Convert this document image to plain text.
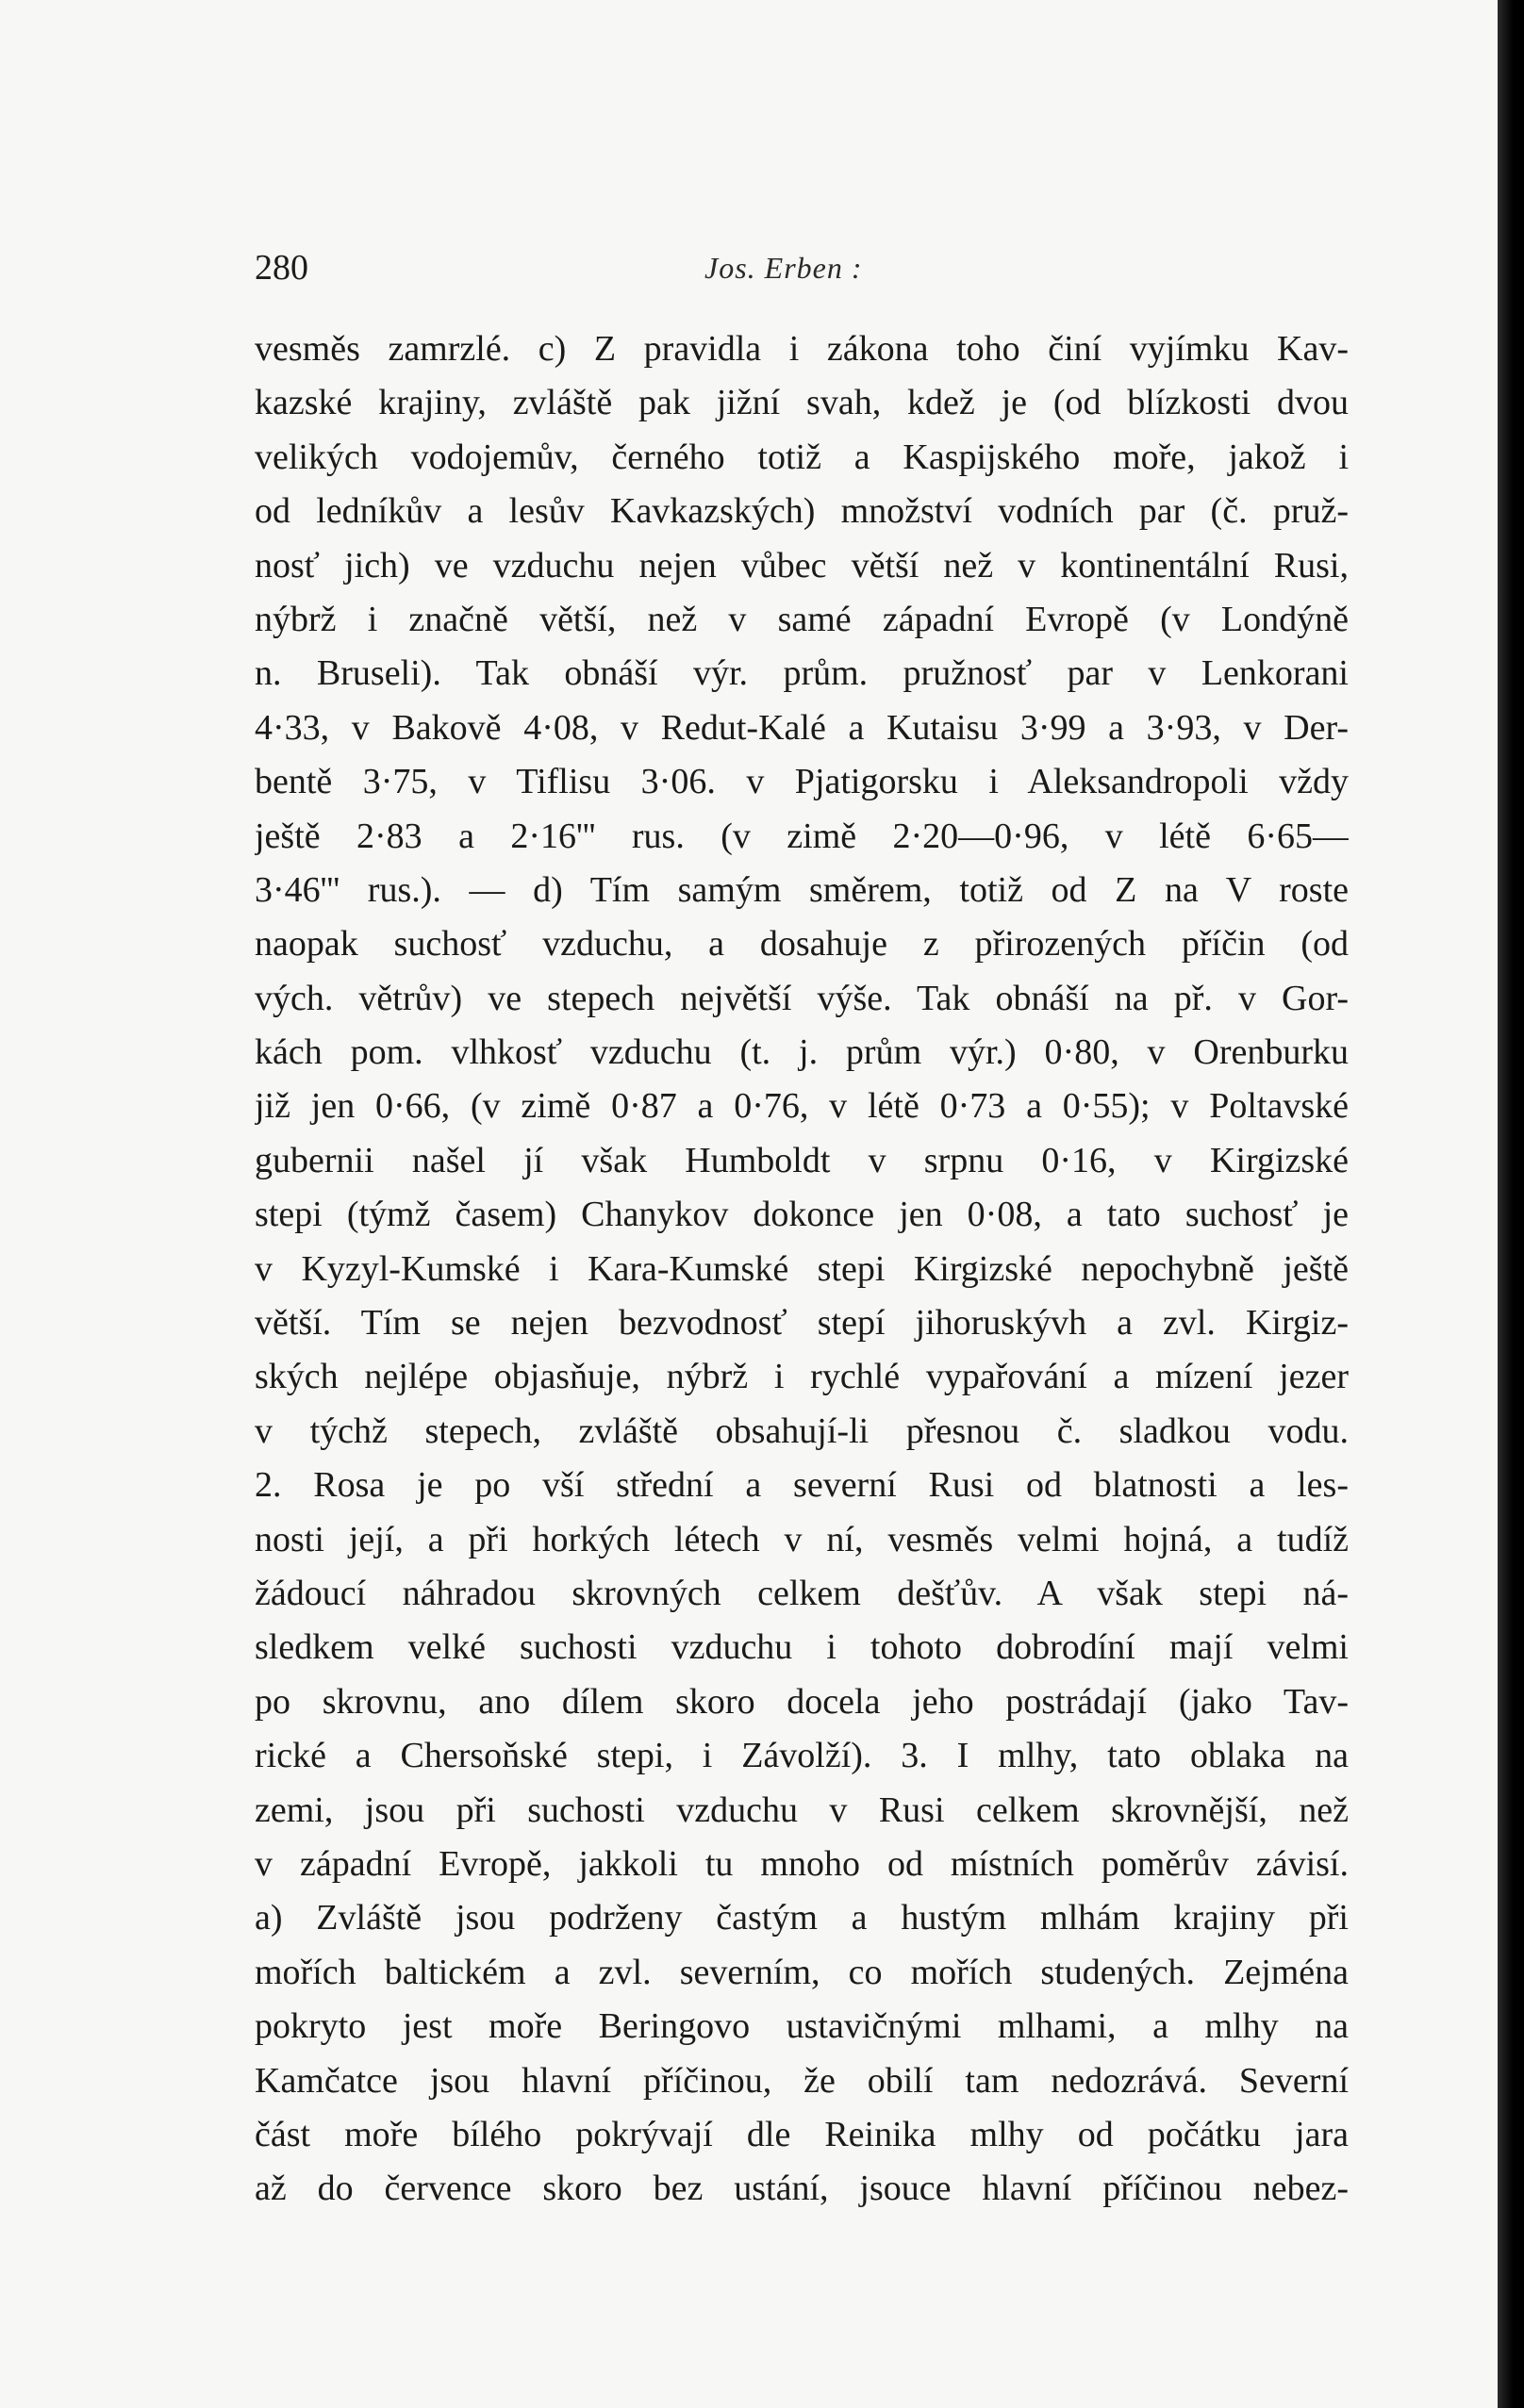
280	Jos. Erben :
vesměs zamrzlé. c) Z pravidla i zákona toho činí vyjímku Kav-
kazské krajiny, zvláště pak jižní svah, kdež je (od blízkosti dvou
velikých vodojemův, černého totiž a Kaspijského moře, jakož i
od ledníkův a lesův Kavkazských) množství vodních par (č. pruž-
nosť jich) ve vzduchu nejen vůbec větší než v kontinentální Rusi,
nýbrž i značně větší, než v samé západní Evropě (v Londýně
n. Bruseli). Tak obnáší výr. prům. pružnosť par v Lenkorani
4·33, v Bakově 4·08, v Redut-Kalé a Kutaisu 3·99 a 3·93, v Der-
bentě 3·75, v Tiflisu 3·06. v Pjatigorsku i Aleksandropoli vždy
ještě 2·83 a 2·16''' rus. (v zimě 2·20—0·96, v létě 6·65—
3·46''' rus.). — d) Tím samým směrem, totiž od Z na V roste
naopak suchosť vzduchu, a dosahuje z přirozených příčin (od
vých. větrův) ve stepech největší výše. Tak obnáší na př. v Gor-
kách pom. vlhkosť vzduchu (t. j. prům výr.) 0·80, v Orenburku
již jen 0·66, (v zimě 0·87 a 0·76, v létě 0·73 a 0·55); v Poltavské
gubernii našel jí však Humboldt v srpnu 0·16, v Kirgizské
stepi (týmž časem) Chanykov dokonce jen 0·08, a tato suchosť je
v Kyzyl-Kumské i Kara-Kumské stepi Kirgizské nepochybně ještě
větší. Tím se nejen bezvodnosť stepí jihoruskývh a zvl. Kirgiz-
ských nejlépe objasňuje, nýbrž i rychlé vypařování a mízení jezer
v týchž stepech, zvláště obsahují-li přesnou č. sladkou vodu.
2. Rosa je po vší střední a severní Rusi od blatnosti a les-
nosti její, a při horkých létech v ní, vesměs velmi hojná, a tudíž
žádoucí náhradou skrovných celkem dešťův. A však stepi ná-
sledkem velké suchosti vzduchu i tohoto dobrodíní mají velmi
po skrovnu, ano dílem skoro docela jeho postrádají (jako Tav-
rické a Chersoňské stepi, i Závolží). 3. I mlhy, tato oblaka na
zemi, jsou při suchosti vzduchu v Rusi celkem skrovnější, než
v západní Evropě, jakkoli tu mnoho od místních poměrův závisí.
a) Zvláště jsou podrženy častým a hustým mlhám krajiny při
mořích baltickém a zvl. severním, co mořích studených. Zejména
pokryto jest moře Beringovo ustavičnými mlhami, a mlhy na
Kamčatce jsou hlavní příčinou, že obilí tam nedozrává. Severní
část moře bílého pokrývají dle Reinika mlhy od počátku jara
až do července skoro bez ustání, jsouce hlavní příčinou nebez-
